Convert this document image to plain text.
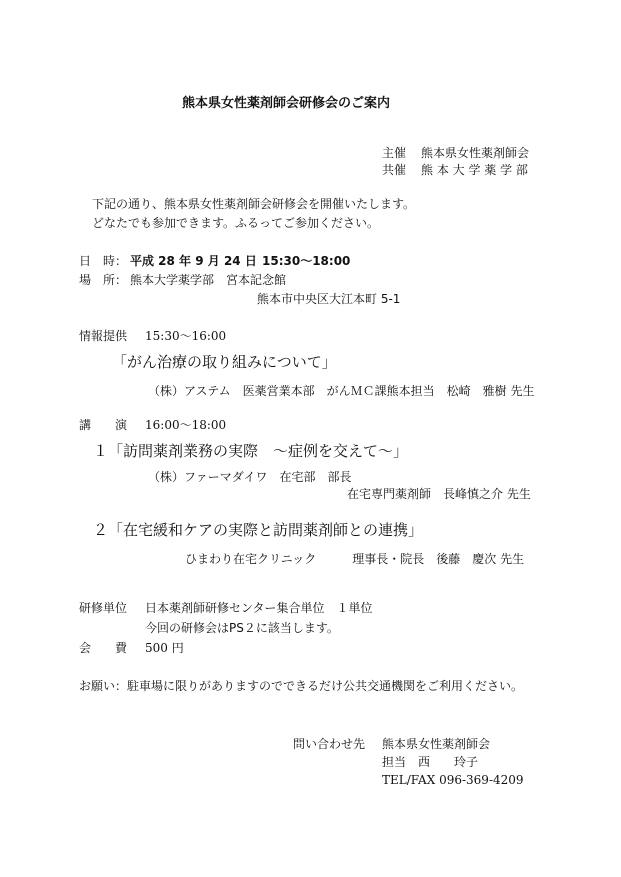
熊本県女性薬剤師会研修会のご案内
主催 熊本県女性薬剤師会
共催 熊 本 大 学 薬 学 部
下記の通り、熊本県女性薬剤師会研修会を開催いたします。
どなたでも参加できます。ふるってご参加ください。
日　時： 平成 28 年 9 月 24 日 15:30～18:00
場　所： 熊本大学薬学部　宮本記念館
熊本市中央区大江本町 5-1
情報提供 15:30～16:00
「がん治療の取り組みについて」
（株）アステム　医薬営業本部　がんＭＣ課熊本担当　松崎　雅樹 先生
講　　演 16:00～18:00
１「訪問薬剤業務の実際　～症例を交えて～」
（株）ファーマダイワ　在宅部　部長
在宅専門薬剤師　長峰慎之介 先生
２「在宅緩和ケアの実際と訪問薬剤師との連携」
ひまわり在宅クリニック　　　理事長・院長　後藤　慶次 先生
研修単位 日本薬剤師研修センター集合単位　１単位
今回の研修会はPS２に該当します。
会　　費 500 円
お願い：駐車場に限りがありますのでできるだけ公共交通機関をご利用ください。
問い合わせ先 熊本県女性薬剤師会
担当　西　　玲子
TEL/FAX 096-369-4209
